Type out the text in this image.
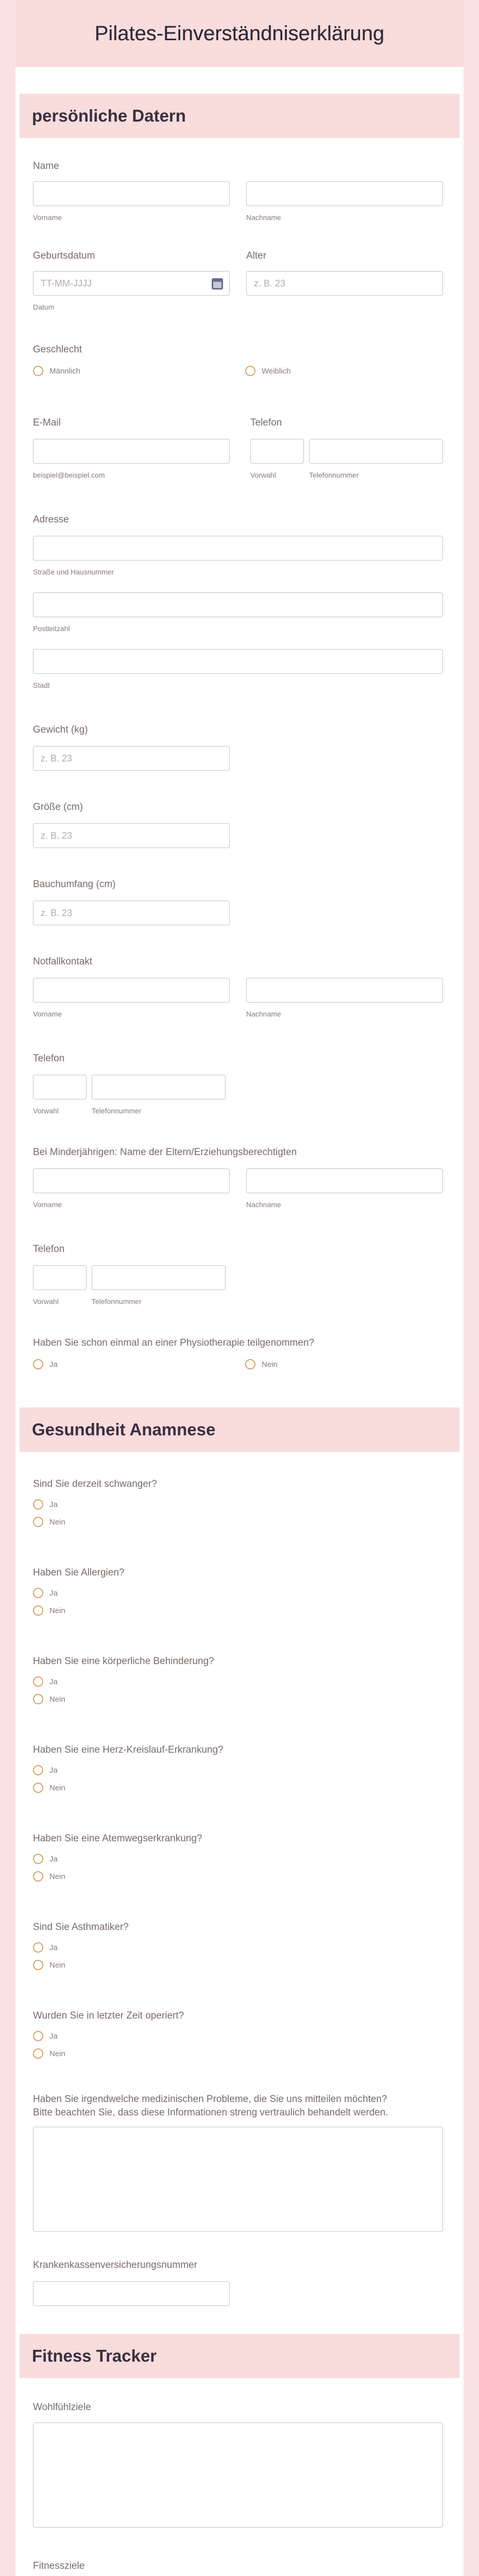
Pilates-Einverständniserklärung
persönliche Datern
Name
Vorname	Nachname
Geburtsdatum
TT-MM-JJJJ
Datum
Alter
z. B. 23
Geschlecht
Männlich	Weiblich
E-Mail
beispiel@beispiel.com
Telefon
Vorwahl	Telefonnummer
Adresse
Straße und Hausnummer
Postleitzahl
Stadt
Gewicht (kg)
z. B. 23
Größe (cm)
z. B. 23
Bauchumfang (cm)
z. B. 23
Notfallkontakt
Vorname	Nachname
Telefon
Vorwahl	Telefonnummer
Bei Minderjährigen: Name der Eltern/Erziehungsberechtigten
Vorname	Nachname
Telefon
Vorwahl	Telefonnummer
Haben Sie schon einmal an einer Physiotherapie teilgenommen?
Ja	Nein
Gesundheit Anamnese
Sind Sie derzeit schwanger?
Ja
Nein
Haben Sie Allergien?
Ja
Nein
Haben Sie eine körperliche Behinderung?
Ja
Nein
Haben Sie eine Herz-Kreislauf-Erkrankung?
Ja
Nein
Haben Sie eine Atemwegserkrankung?
Ja
Nein
Sind Sie Asthmatiker?
Ja
Nein
Wurden Sie in letzter Zeit operiert?
Ja
Nein
Haben Sie irgendwelche medizinischen Probleme, die Sie uns mitteilen möchten?
Bitte beachten Sie, dass diese Informationen streng vertraulich behandelt werden.
Krankenkassenversicherungsnummer
Fitness Tracker
Wohlfühlziele
Fitnessziele
